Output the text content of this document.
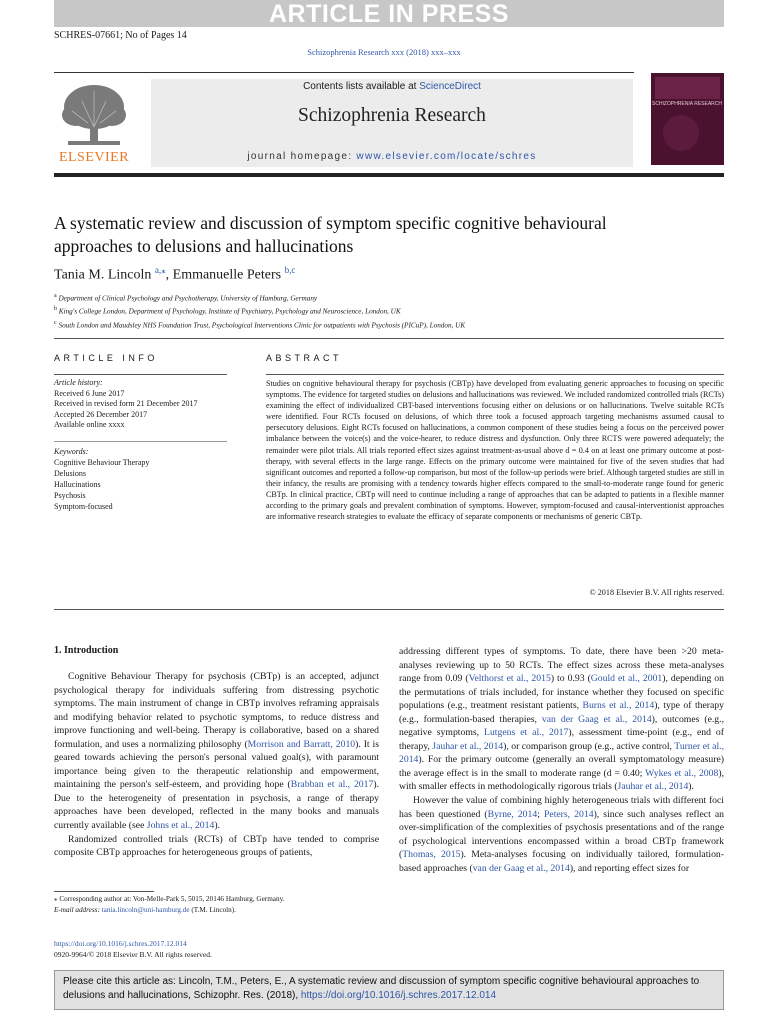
ARTICLE IN PRESS
SCHRES-07661; No of Pages 14
Schizophrenia Research xxx (2018) xxx–xxx
ELSEVIER
Contents lists available at ScienceDirect
Schizophrenia Research
journal homepage: www.elsevier.com/locate/schres
SCHIZOPHRENIA RESEARCH
A systematic review and discussion of symptom specific cognitive behavioural approaches to delusions and hallucinations
Tania M. Lincoln $^{a,⁎}$, Emmanuelle Peters $^{b,c}$
$^a$ Department of Clinical Psychology and Psychotherapy, University of Hamburg, Germany
$^b$ King's College London, Department of Psychology, Institute of Psychiatry, Psychology and Neuroscience, London, UK
$^c$ South London and Maudsley NHS Foundation Trust, Psychological Interventions Clinic for outpatients with Psychosis (PICuP), London, UK
ARTICLE INFO	ABSTRACT
Article history:
Received 6 June 2017
Received in revised form 21 December 2017
Accepted 26 December 2017
Available online xxxx
Keywords:
Cognitive Behaviour Therapy
Delusions
Hallucinations
Psychosis
Symptom-focused
Studies on cognitive behavioural therapy for psychosis (CBTp) have developed from evaluating generic approaches to focusing on specific symptoms. The evidence for targeted studies on delusions and hallucinations was reviewed. We included randomized controlled trials (RCTs) examining the effect of individualized CBT-based interventions focusing either on delusions or on hallucinations. Twelve suitable RCTs were identified. Four RCTs focused on delusions, of which three took a focused approach targeting mechanisms assumed causal to persecutory delusions. Eight RCTs focused on hallucinations, a common component of these studies being a focus on the perceived power imbalance between the voice(s) and the voice-hearer, to reduce distress and dysfunction. Only three RCTS were powered adequately; the remainder were pilot trials. All trials reported effect sizes against treatment-as-usual above d = 0.4 on at least one primary outcome at post-therapy, with several effects in the large range. Effects on the primary outcome were maintained for five of the seven studies that had significant outcomes and reported a follow-up comparison, but most of the follow-up periods were brief. Although targeted studies are still in their infancy, the results are promising with a tendency towards higher effects compared to the small-to-moderate range found for generic CBTp. In clinical practice, CBTp will need to continue including a range of approaches that can be adapted to patients in a flexible manner according to the primary goals and prevalent combination of symptoms. However, symptom-focused and causal-interventionist approaches are informative research strategies to evaluate the efficacy of separate components or mechanisms of generic CBTp.
© 2018 Elsevier B.V. All rights reserved.
1. Introduction

Cognitive Behaviour Therapy for psychosis (CBTp) is an accepted, adjunct psychological therapy for individuals suffering from distressing psychotic symptoms. The main instrument of change in CBTp involves reframing appraisals and modifying behavior related to psychotic symptoms, to reduce distress and improve functioning and well-being. Therapy is collaborative, based on a shared formulation, and uses a normalizing philosophy (Morrison and Barratt, 2010). It is geared towards achieving the person's personal valued goal(s), with paramount importance being given to the therapeutic relationship and empowerment, maintaining the person's self-esteem, and providing hope (Brabban et al., 2017). Due to the heterogeneity of presentation in psychosis, a range of therapy approaches have been developed, reflected in the many books and manuals currently available (see Johns et al., 2014).

Randomized controlled trials (RCTs) of CBTp have tended to comprise composite CBTp approaches for heterogeneous groups of patients,

addressing different types of symptoms. To date, there have been >20 meta-analyses reviewing up to 50 RCTs. The effect sizes across these meta-analyses range from 0.09 (Velthorst et al., 2015) to 0.93 (Gould et al., 2001), depending on the permutations of trials included, for instance whether they focused on specific populations (e.g., treatment resistant patients, Burns et al., 2014), type of therapy (e.g., formulation-based therapies, van der Gaag et al., 2014), outcomes (e.g., negative symptoms, Lutgens et al., 2017), assessment time-point (e.g., end of therapy, Jauhar et al., 2014), or comparison group (e.g., active control, Turner et al., 2014). For the primary outcome (generally an overall symptomatology measure) the average effect is in the small to moderate range (d = 0.40; Wykes et al., 2008), with smaller effects in methodologically rigorous trials (Jauhar et al., 2014).

However the value of combining highly heterogeneous trials with different foci has been questioned (Byrne, 2014; Peters, 2014), since such analyses reflect an over-simplification of the complexities of psychosis presentations and of the range of psychological interventions encompassed within a broad CBTp framework (Thomas, 2015). Meta-analyses focusing on individually tailored, formulation-based approaches (van der Gaag et al., 2014), and reporting effect sizes for

⁎ Corresponding author at: Von-Melle-Park 5, 5015, 20146 Hamburg, Germany.
E-mail address: tania.lincoln@uni-hamburg.de (T.M. Lincoln).
https://doi.org/10.1016/j.schres.2017.12.014
0920-9964/© 2018 Elsevier B.V. All rights reserved.
Please cite this article as: Lincoln, T.M., Peters, E., A systematic review and discussion of symptom specific cognitive behavioural approaches to delusions and hallucinations, Schizophr. Res. (2018), https://doi.org/10.1016/j.schres.2017.12.014
